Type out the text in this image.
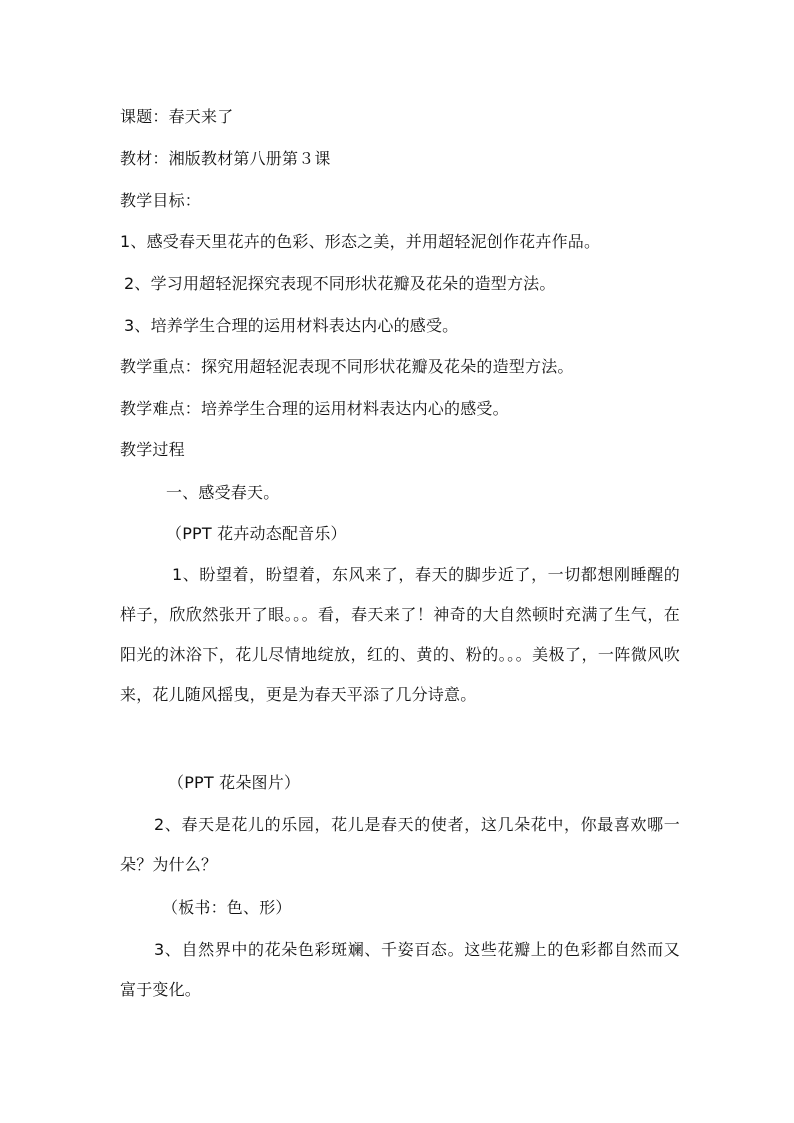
课题：春天来了
教材：湘版教材第八册第３课
教学目标：
1、感受春天里花卉的色彩、形态之美，并用超轻泥创作花卉作品。
2、学习用超轻泥探究表现不同形状花瓣及花朵的造型方法。
3、培养学生合理的运用材料表达内心的感受。
教学重点：探究用超轻泥表现不同形状花瓣及花朵的造型方法。
教学难点：培养学生合理的运用材料表达内心的感受。
教学过程
一、感受春天。
（PPT 花卉动态配音乐）
1、盼望着，盼望着，东风来了，春天的脚步近了，一切都想刚睡醒的样子，欣欣然张开了眼。。。看，春天来了！神奇的大自然顿时充满了生气，在阳光的沐浴下，花儿尽情地绽放，红的、黄的、粉的。。。美极了，一阵微风吹来，花儿随风摇曳，更是为春天平添了几分诗意。
（PPT 花朵图片）
2、春天是花儿的乐园，花儿是春天的使者，这几朵花中，你最喜欢哪一朵？为什么？
（板书：色、形）
3、自然界中的花朵色彩斑斓、千姿百态。这些花瓣上的色彩都自然而又富于变化。
